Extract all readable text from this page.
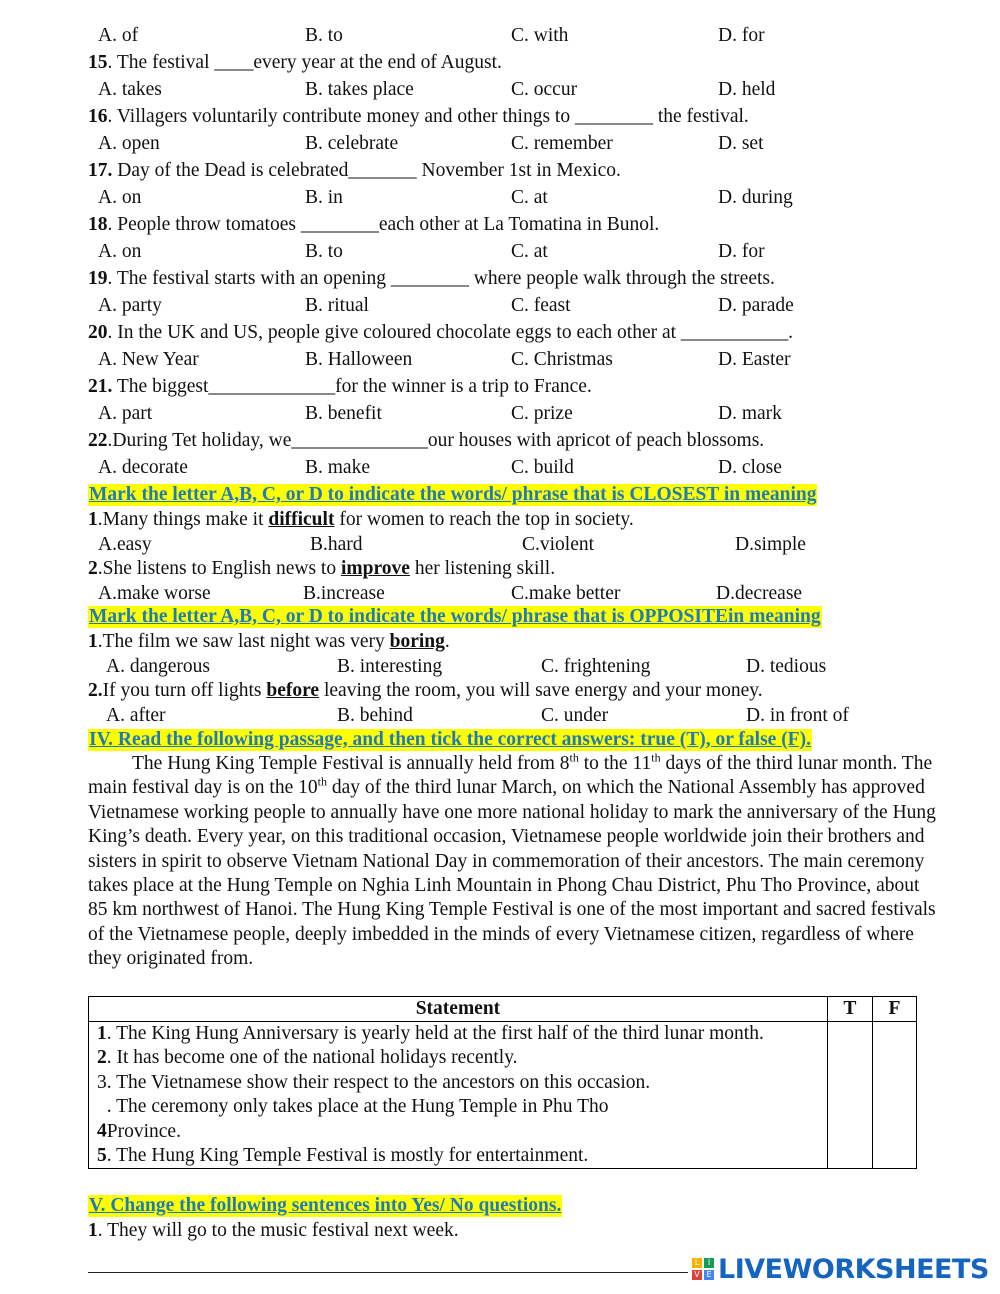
A. of	B. to	C. with	D. for
15. The festival ____every year at the end of August.
A. takes	B. takes place	C. occur	D. held
16. Villagers voluntarily contribute money and other things to ________ the festival.
A. open	B. celebrate	C. remember	D. set
17. Day of the Dead is celebrated_______ November 1st in Mexico.
A. on	B. in	C. at	D. during
18. People throw tomatoes ________each other at La Tomatina in Bunol.
A. on	B. to	C. at	D. for
19. The festival starts with an opening ________ where people walk through the streets.
A. party	B. ritual	C. feast	D. parade
20. In the UK and US, people give coloured chocolate eggs to each other at ___________.
A. New Year	B. Halloween	C. Christmas	D. Easter
21. The biggest_____________for the winner is a trip to France.
A. part	B. benefit	C. prize	D. mark
22.During Tet holiday, we______________our houses with apricot of peach blossoms.
A. decorate	B. make	C. build	D. close
Mark the letter A,B, C, or D to indicate the words/ phrase that is CLOSEST in meaning
1.Many things make it difficult for women to reach the top in society.
A.easy	B.hard	C.violent	D.simple
2.She listens to English news to improve her listening skill.
A.make worse	B.increase	C.make better	D.decrease
Mark the letter A,B, C, or D to indicate the words/ phrase that is OPPOSITEin meaning
1.The film we saw last night was very boring.
A. dangerous	B. interesting	C. frightening	D. tedious
2.If you turn off lights before leaving the room, you will save energy and your money.
A. after	B. behind	C. under	D. in front of
IV. Read the following passage, and then tick the correct answers: true (T), or false (F).

The Hung King Temple Festival is annually held from 8th to the 11th days of the third lunar month. The main festival day is on the 10th day of the third lunar March, on which the National Assembly has approved Vietnamese working people to annually have one more national holiday to mark the anniversary of the Hung King’s death. Every year, on this traditional occasion, Vietnamese people worldwide join their brothers and sisters in spirit to observe Vietnam National Day in commemoration of their ancestors. The main ceremony takes place at the Hung Temple on Nghia Linh Mountain in Phong Chau District, Phu Tho Province, about 85 km northwest of Hanoi. The Hung King Temple Festival is one of the most important and sacred festivals of the Vietnamese people, deeply imbedded in the minds of every Vietnamese citizen, regardless of where they originated from.

Statement	T	F

1. The King Hung Anniversary is yearly held at the first half of the third lunar month.
2. It has become one of the national holidays recently.
3. The Vietnamese show their respect to the ancestors on this occasion.
4. The ceremony only takes place at the Hung Temple in Phu Tho Province.
5. The Hung King Temple Festival is mostly for entertainment.		

V. Change the following sentences into Yes/ No questions.
1. They will go to the music festival next week.
L	I
V E LIVEWORKSHEETS
